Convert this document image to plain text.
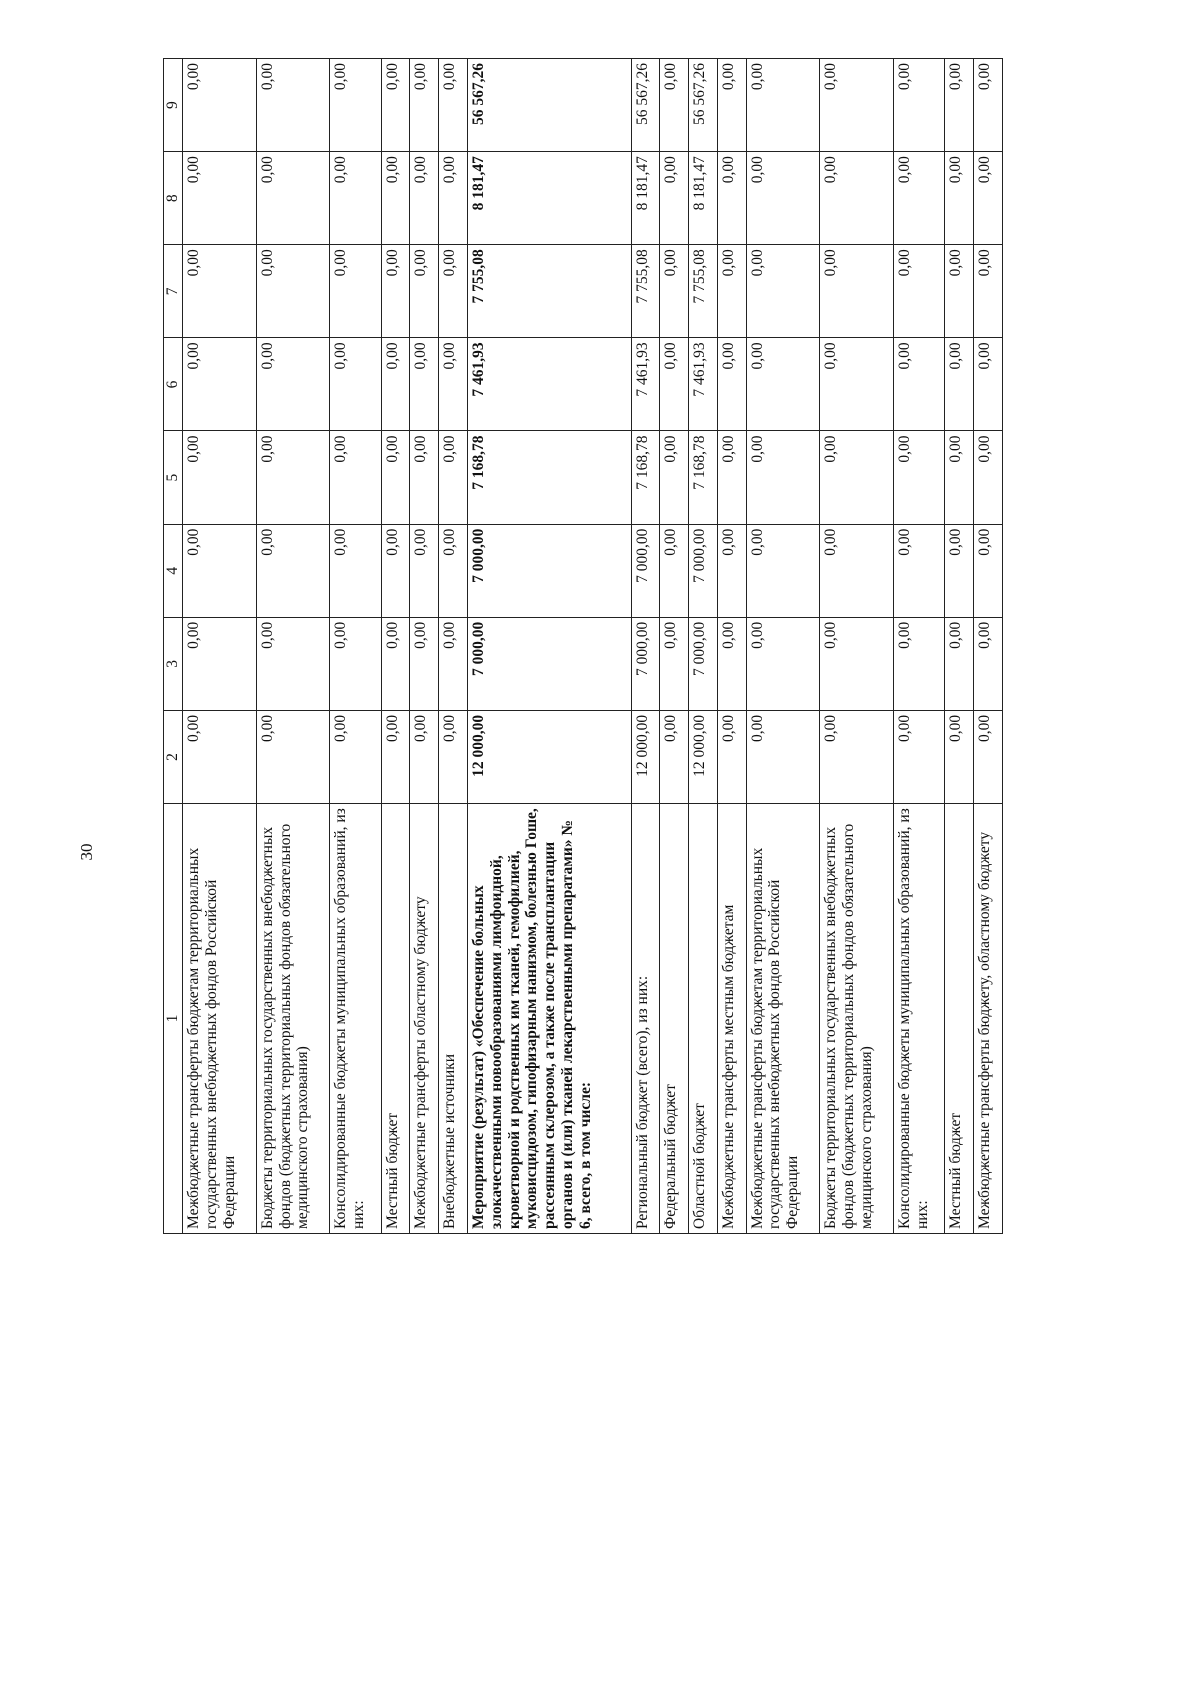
30
1	2	3	4	5	6	7	8	9
Межбюджетные трансферты бюджетам территориальных государственных внебюджетных фондов Российской Федерации	0,00	0,00	0,00	0,00	0,00	0,00	0,00	0,00
Бюджеты территориальных государственных внебюджетных фондов (бюджетных территориальных фондов обязательного медицинского страхования)	0,00	0,00	0,00	0,00	0,00	0,00	0,00	0,00
Консолидированные бюджеты муниципальных образований, из них:	0,00	0,00	0,00	0,00	0,00	0,00	0,00	0,00
Местный бюджет	0,00	0,00	0,00	0,00	0,00	0,00	0,00	0,00
Межбюджетные трансферты областному бюджету	0,00	0,00	0,00	0,00	0,00	0,00	0,00	0,00
Внебюджетные источники	0,00	0,00	0,00	0,00	0,00	0,00	0,00	0,00
Мероприятие (результат) «Обеспечение больных злокачественными новообразованиями лимфоидной, кроветворной и родственных им тканей, гемофилией, муковисцидозом, гипофизарным нанизмом, болезнью Гоше, рассеянным склерозом, а также после трансплантации органов и (или) тканей лекарственными препаратами» № 6, всего, в том числе:	12 000,00	7 000,00	7 000,00	7 168,78	7 461,93	7 755,08	8 181,47	56 567,26
Региональный бюджет (всего), из них:	12 000,00	7 000,00	7 000,00	7 168,78	7 461,93	7 755,08	8 181,47	56 567,26
Федеральный бюджет	0,00	0,00	0,00	0,00	0,00	0,00	0,00	0,00
Областной бюджет	12 000,00	7 000,00	7 000,00	7 168,78	7 461,93	7 755,08	8 181,47	56 567,26
Межбюджетные трансферты местным бюджетам	0,00	0,00	0,00	0,00	0,00	0,00	0,00	0,00
Межбюджетные трансферты бюджетам территориальных государственных внебюджетных фондов Российской Федерации	0,00	0,00	0,00	0,00	0,00	0,00	0,00	0,00
Бюджеты территориальных государственных внебюджетных фондов (бюджетных территориальных фондов обязательного медицинского страхования)	0,00	0,00	0,00	0,00	0,00	0,00	0,00	0,00
Консолидированные бюджеты муниципальных образований, из них:	0,00	0,00	0,00	0,00	0,00	0,00	0,00	0,00
Местный бюджет	0,00	0,00	0,00	0,00	0,00	0,00	0,00	0,00
Межбюджетные трансферты бюджету, областному бюджету	0,00	0,00	0,00	0,00	0,00	0,00	0,00	0,00
